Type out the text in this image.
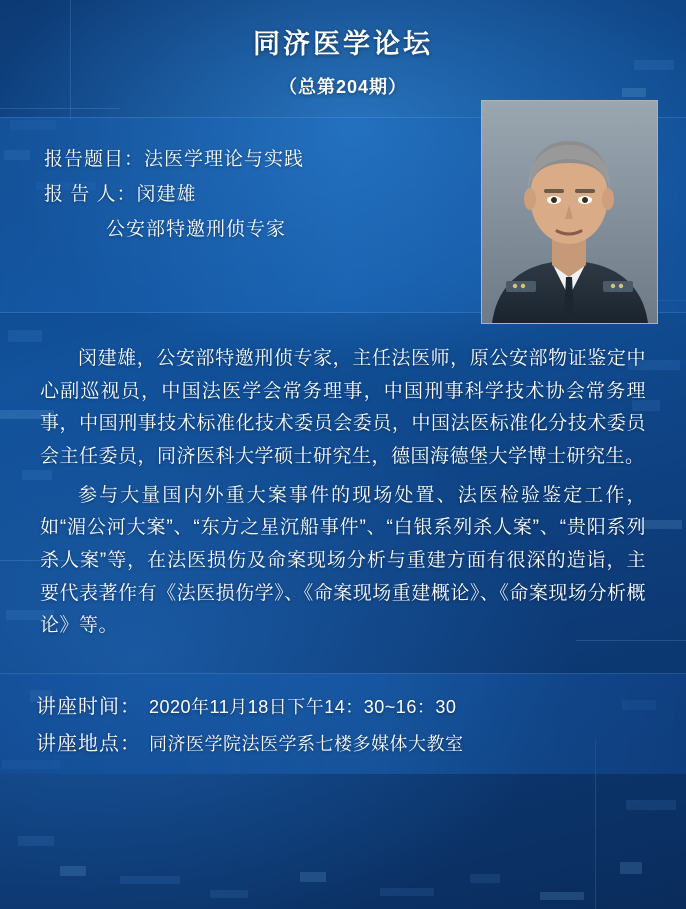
同济医学论坛
（总第204期）
报告题目：法医学理论与实践
报 告 人：闵建雄
公安部特邀刑侦专家

闵建雄，公安部特邀刑侦专家，主任法医师，原公安部物证鉴定中心副巡视员，中国法医学会常务理事，中国刑事科学技术协会常务理事，中国刑事技术标准化技术委员会委员，中国法医标准化分技术委员会主任委员，同济医科大学硕士研究生，德国海德堡大学博士研究生。

参与大量国内外重大案事件的现场处置、法医检验鉴定工作，如“湄公河大案”、“东方之星沉船事件”、“白银系列杀人案”、“贵阳系列杀人案”等，在法医损伤及命案现场分析与重建方面有很深的造诣，主要代表著作有《法医损伤学》、《命案现场重建概论》、《命案现场分析概论》等。

讲座时间： 2020年11月18日下午14：30~16：30
讲座地点： 同济医学院法医学系七楼多媒体大教室
